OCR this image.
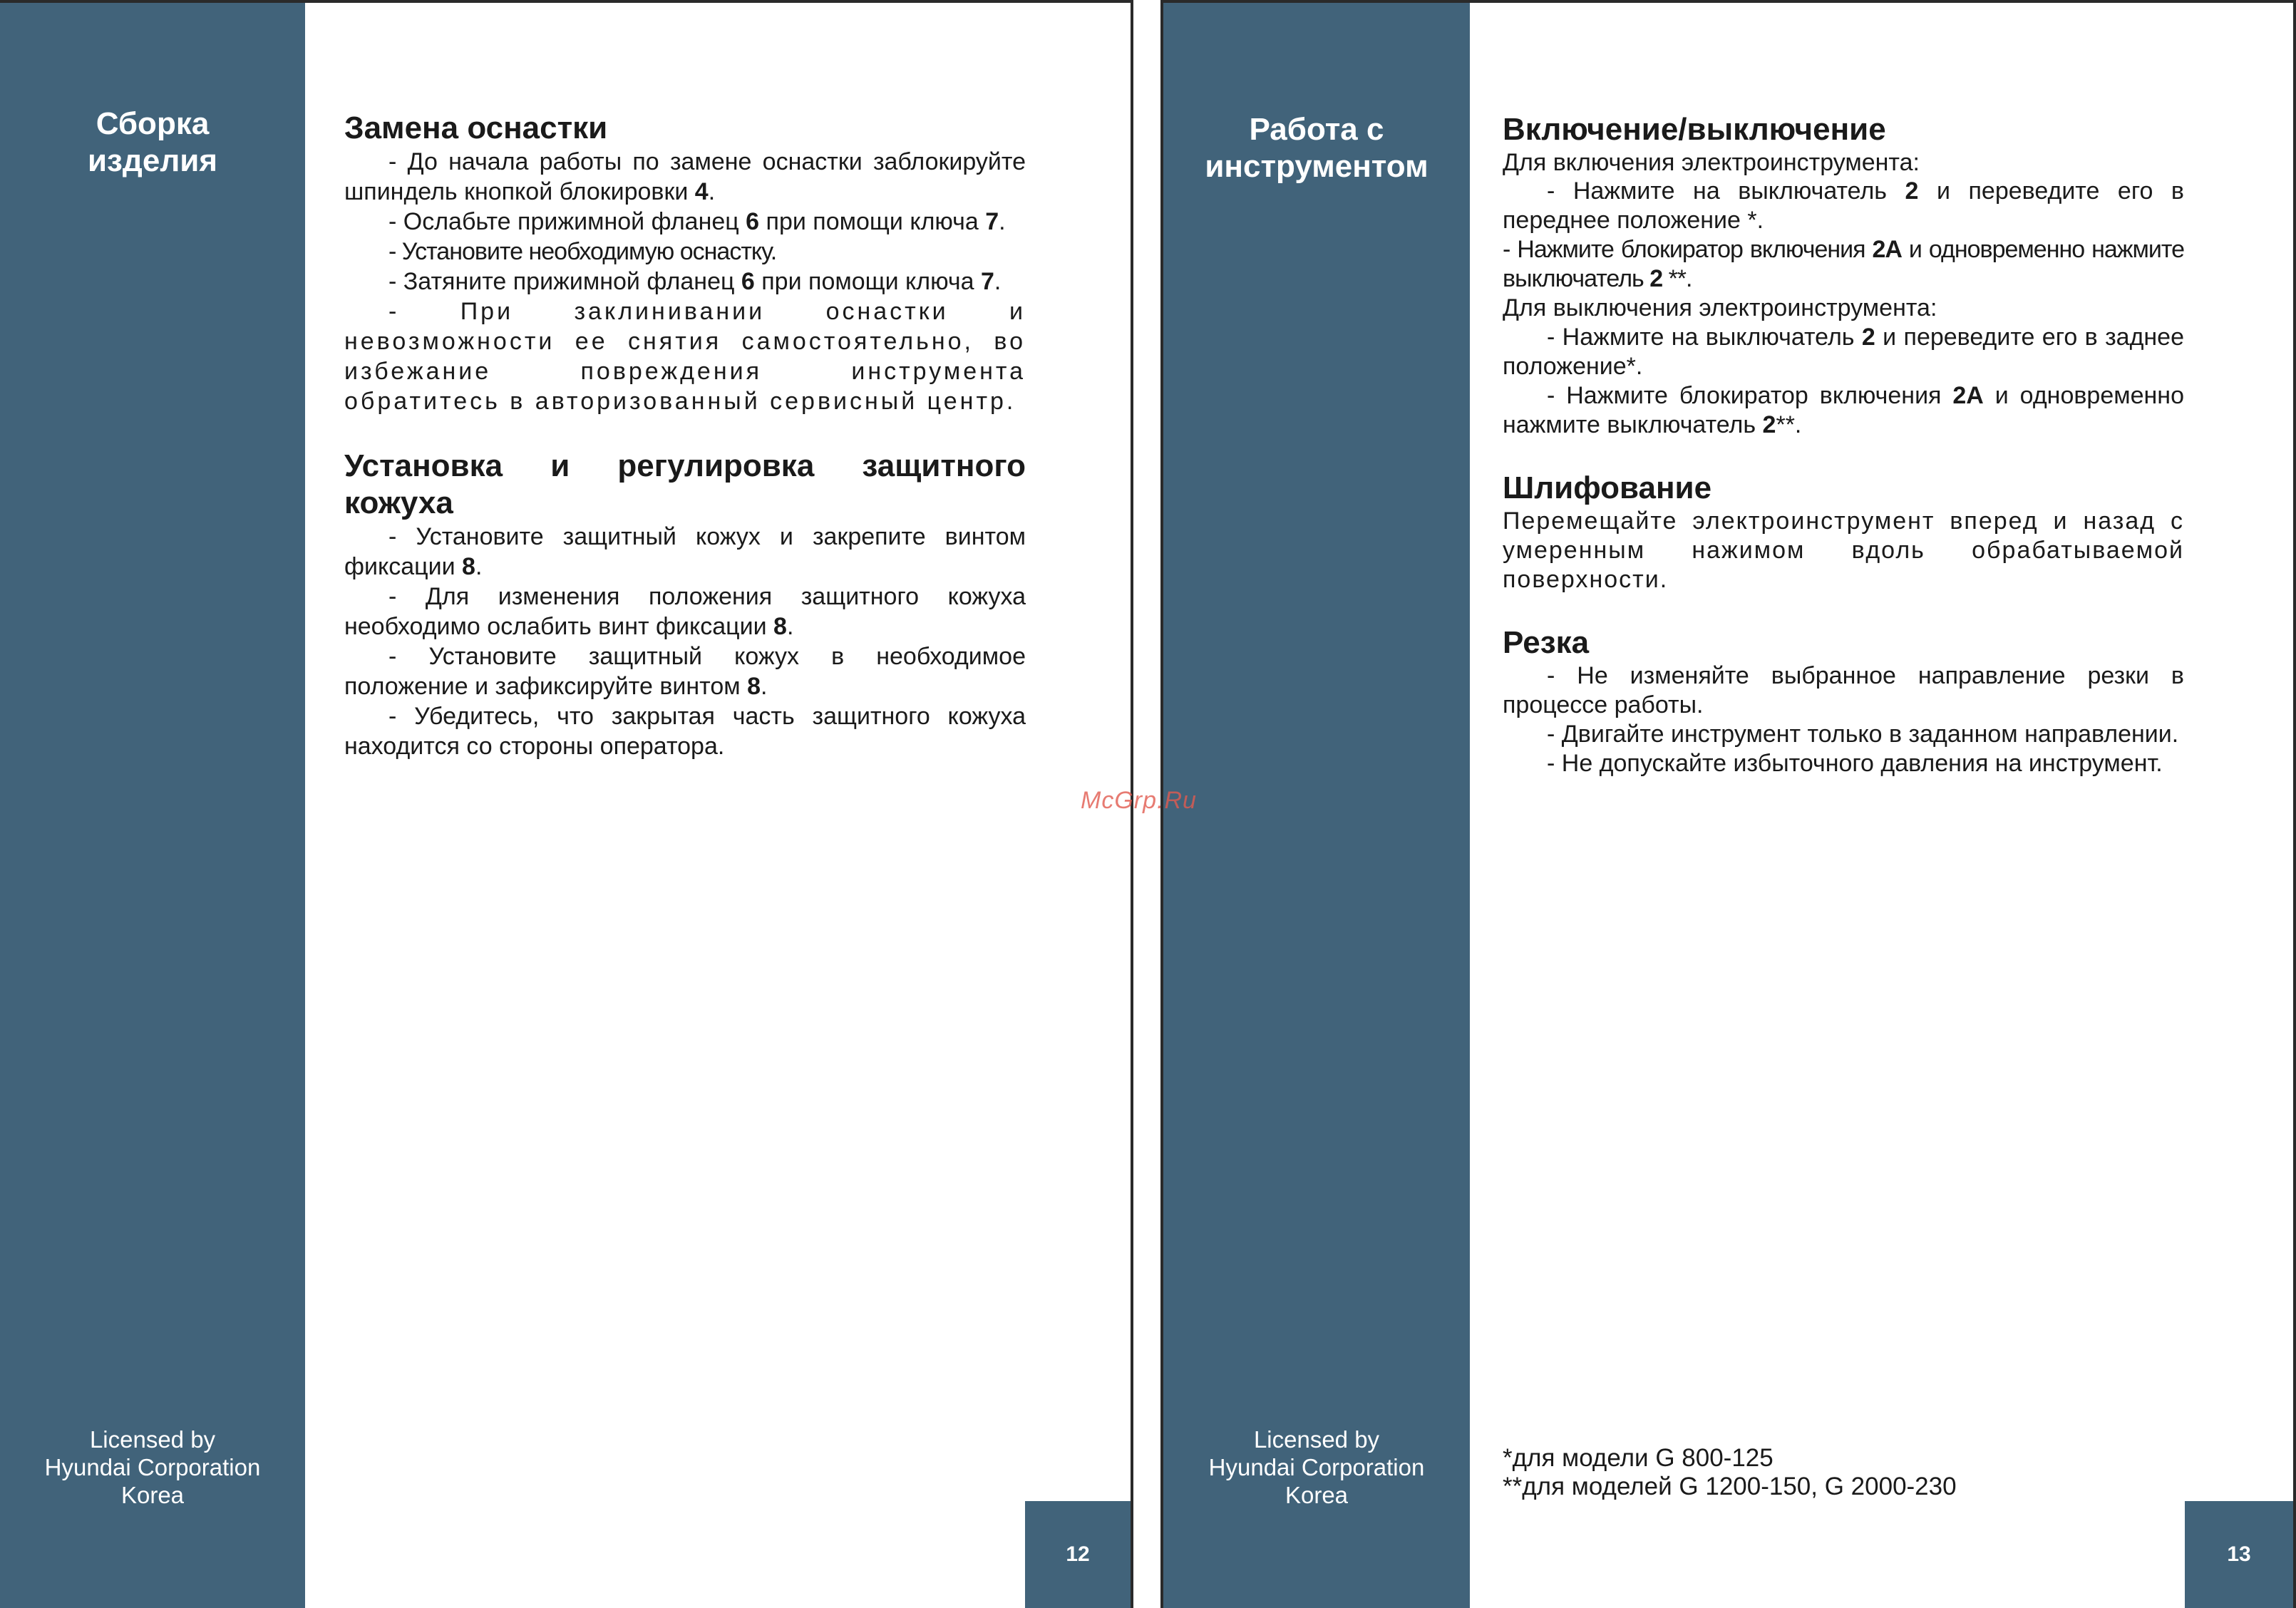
Сборка
изделия
Licensed by
Hyundai Corporation
Korea
Замена оснастки

- До начала работы по замене оснастки заблокируйте шпиндель кнопкой блокировки 4.

- Ослабьте прижимной фланец 6 при помощи ключа 7.

- Установите необходимую оснастку.

- Затяните прижимной фланец 6 при помощи ключа 7.

- При заклинивании оснастки и невозможности ее снятия самостоятельно, во избежание повреждения инструмента обратитесь в авторизованный сервисный центр.

Установка и регулировка защитного кожуха

- Установите защитный кожух и закрепите винтом фиксации 8.

- Для изменения положения защитного кожуха необходимо ослабить винт фиксации 8.

- Установите защитный кожух в необходимое положение и зафиксируйте винтом 8.

- Убедитесь, что закрытая часть защитного кожуха находится со стороны оператора.

12
Работа с
инструментом
Licensed by
Hyundai Corporation
Korea
Включение/выключение

Для включения электроинструмента:

- Нажмите на выключатель 2 и переведите его в переднее положение *.

- Нажмите блокиратор включения 2A и одновременно нажмите выключатель 2 **.

Для выключения электроинструмента:

- Нажмите на выключатель 2 и переведите его в заднее положение*.

- Нажмите блокиратор включения 2A и одновременно нажмите выключатель 2**.

Шлифование

Перемещайте электроинструмент вперед и назад с умеренным нажимом вдоль обрабатываемой поверхности.

Резка

- Не изменяйте выбранное направление резки в процессе работы.

- Двигайте инструмент только в заданном направлении.

- Не допускайте избыточного давления на инструмент.

*для модели G 800-125
**для моделей G 1200-150, G 2000-230
13
McGrp.Ru
